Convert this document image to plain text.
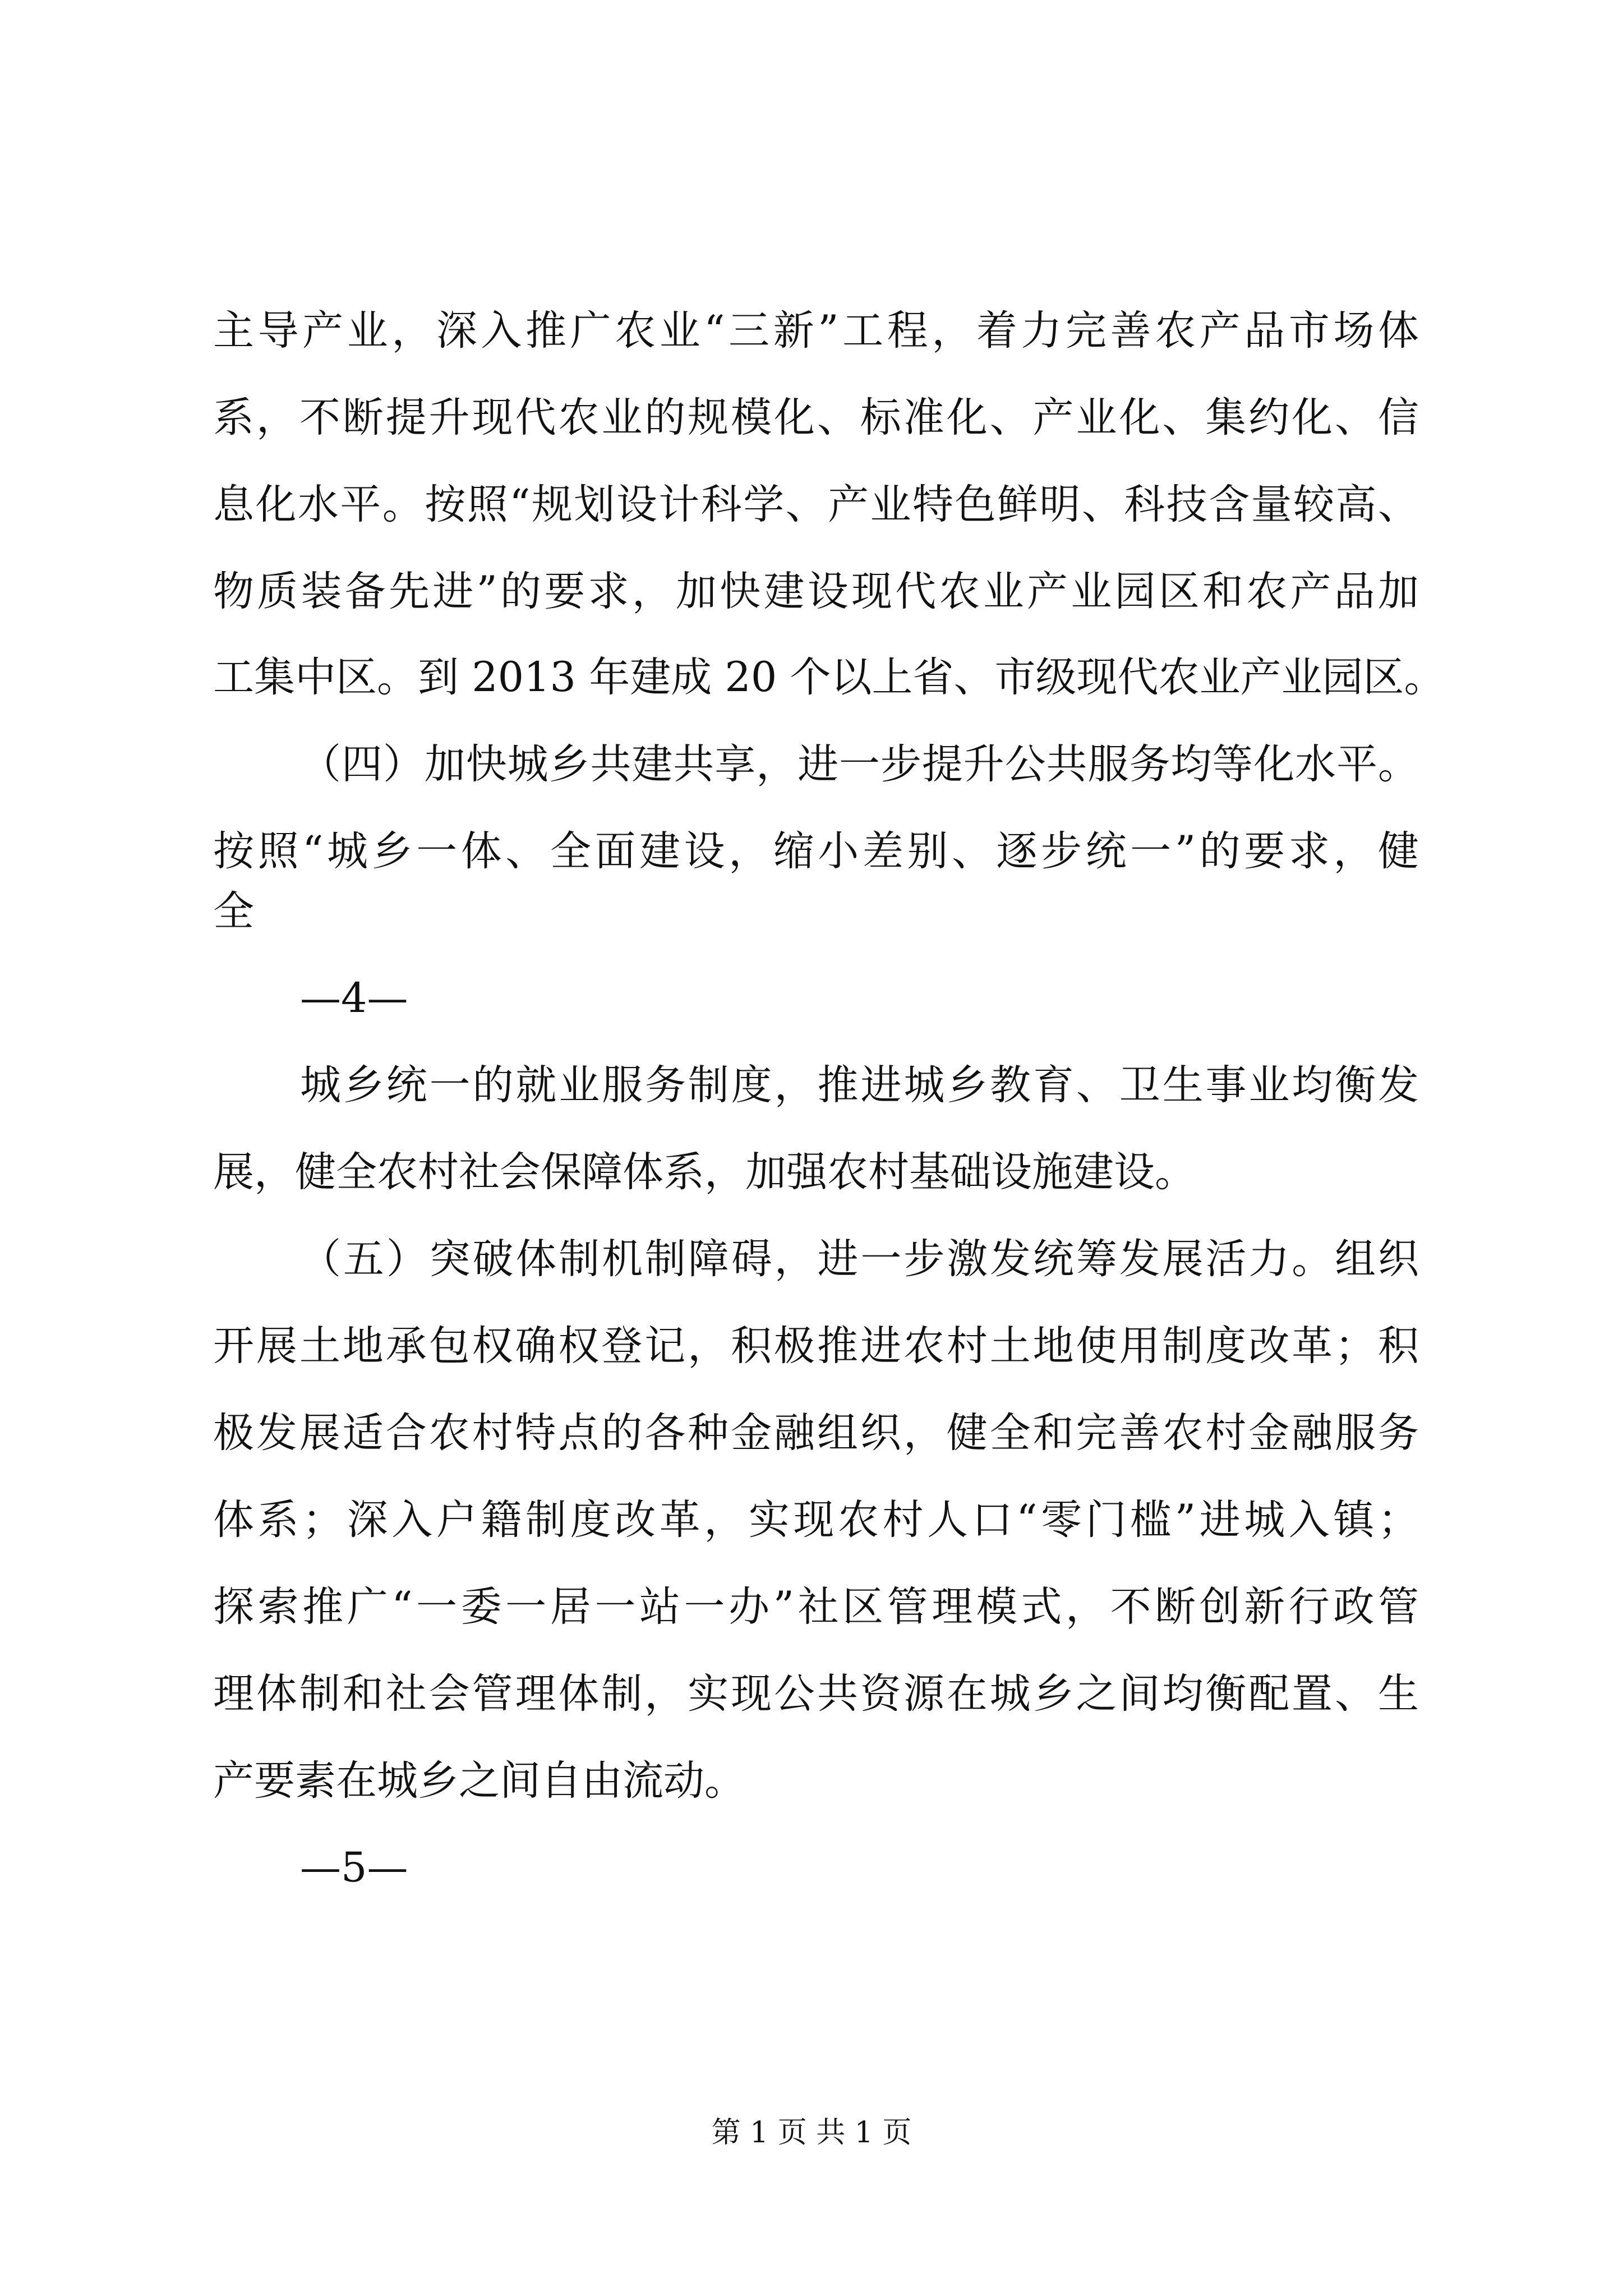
主导产业，深入推广农业“三新”工程，着力完善农产品市场体
系，不断提升现代农业的规模化、标准化、产业化、集约化、信
息化水平。按照“规划设计科学、产业特色鲜明、科技含量较高、
物质装备先进”的要求，加快建设现代农业产业园区和农产品加
工集中区。到 2013 年建成 20 个以上省、市级现代农业产业园区。
（四）加快城乡共建共享，进一步提升公共服务均等化水平。
按照“城乡一体、全面建设，缩小差别、逐步统一”的要求，健
全
—4—
城乡统一的就业服务制度，推进城乡教育、卫生事业均衡发
展，健全农村社会保障体系，加强农村基础设施建设。
（五）突破体制机制障碍，进一步激发统筹发展活力。组织
开展土地承包权确权登记，积极推进农村土地使用制度改革；积
极发展适合农村特点的各种金融组织，健全和完善农村金融服务
体系；深入户籍制度改革，实现农村人口“零门槛”进城入镇；
探索推广“一委一居一站一办”社区管理模式，不断创新行政管
理体制和社会管理体制，实现公共资源在城乡之间均衡配置、生
产要素在城乡之间自由流动。
—5—
第 1 页 共 1 页
